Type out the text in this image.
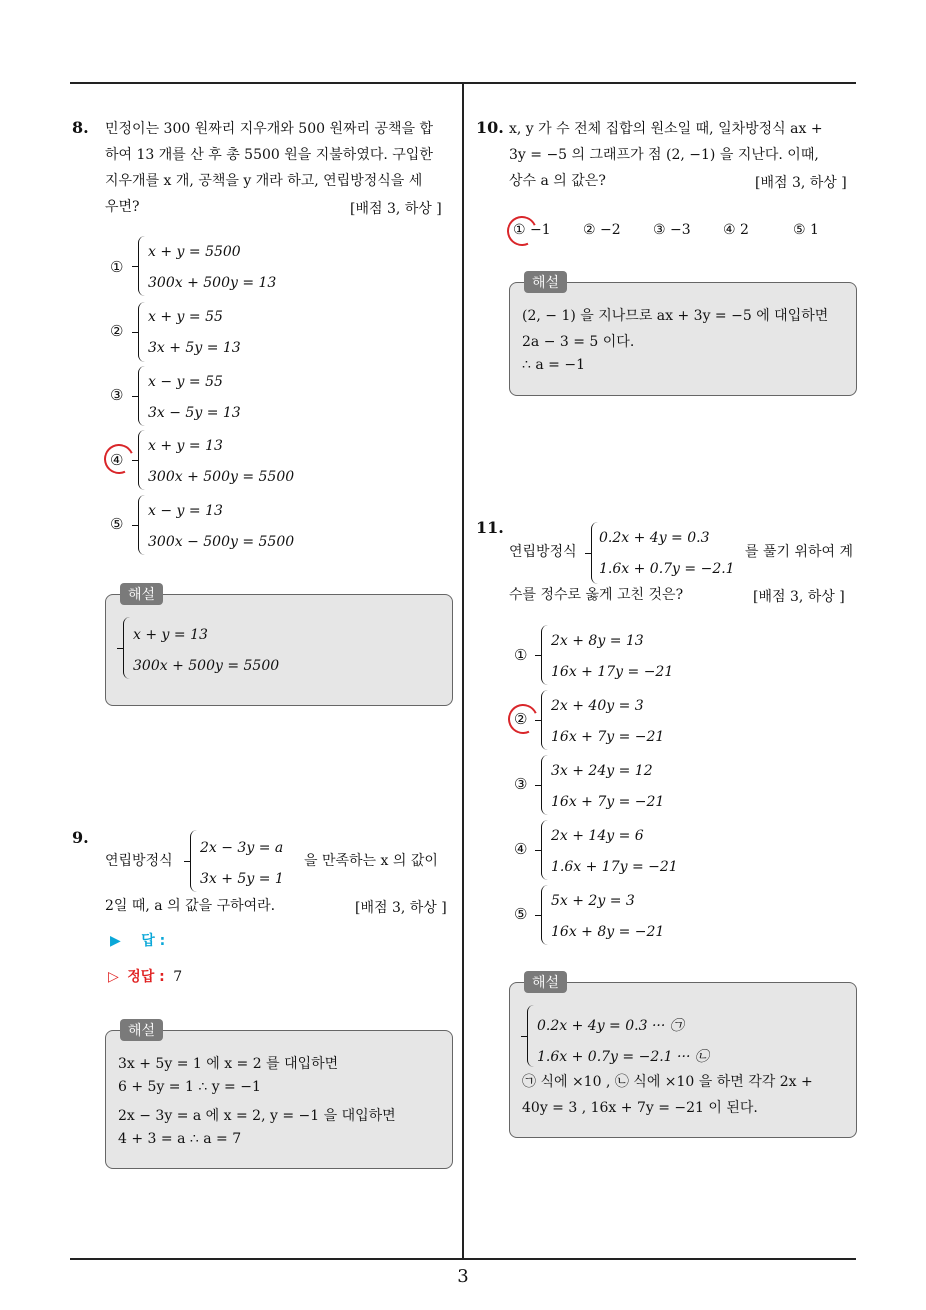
3
8. 민정이는 300 원짜리 지우개와 500 원짜리 공책을 합
하여 13 개를 산 후 총 5500 원을 지불하였다. 구입한
지우개를 x 개, 공책을 y 개라 하고, 연립방정식을 세
우면?	[배점 3, 하상 ]
①
x + y = 5500
300x + 500y = 13
②
x + y = 55
3x + 5y = 13
③
x − y = 55
3x − 5y = 13
④
x + y = 13
300x + 500y = 5500
⑤
x − y = 13
300x − 500y = 5500
해설
x + y = 13
300x + 500y = 5500
9.
연립방정식
2x − 3y = a
3x + 5y = 1
을 만족하는 x 의 값이
2일 때, a 의 값을 구하여라.	[배점 3, 하상 ]
▶ 답 :
▷ 정답 : 7
해설
3x + 5y = 1 에 x = 2 를 대입하면
6 + 5y = 1 ∴ y = −1
2x − 3y = a 에 x = 2, y = −1 을 대입하면
4 + 3 = a ∴ a = 7
10. x, y 가 수 전체 집합의 원소일 때, 일차방정식 ax +
3y = −5 의 그래프가 점 (2, −1) 을 지난다. 이때,
상수 a 의 값은?	[배점 3, 하상 ]
① −1 ② −2 ③ −3 ④ 2	⑤ 1
해설
(2, − 1) 을 지나므로 ax + 3y = −5 에 대입하면
2a − 3 = 5 이다.
∴ a = −1
11.
연립방정식
0.2x + 4y = 0.3
1.6x + 0.7y = −2.1
를 풀기 위하여 계
수를 정수로 옳게 고친 것은?	[배점 3, 하상 ]
①
2x + 8y = 13
16x + 17y = −21
②
2x + 40y = 3
16x + 7y = −21
③
3x + 24y = 12
16x + 7y = −21
④
2x + 14y = 6
1.6x + 17y = −21
⑤
5x + 2y = 3
16x + 8y = −21
해설
0.2x + 4y = 0.3 ··· ㉠
1.6x + 0.7y = −2.1 ··· ㉡
㉠ 식에 ×10 , ㉡ 식에 ×10 을 하면 각각 2x +
40y = 3 , 16x + 7y = −21 이 된다.
